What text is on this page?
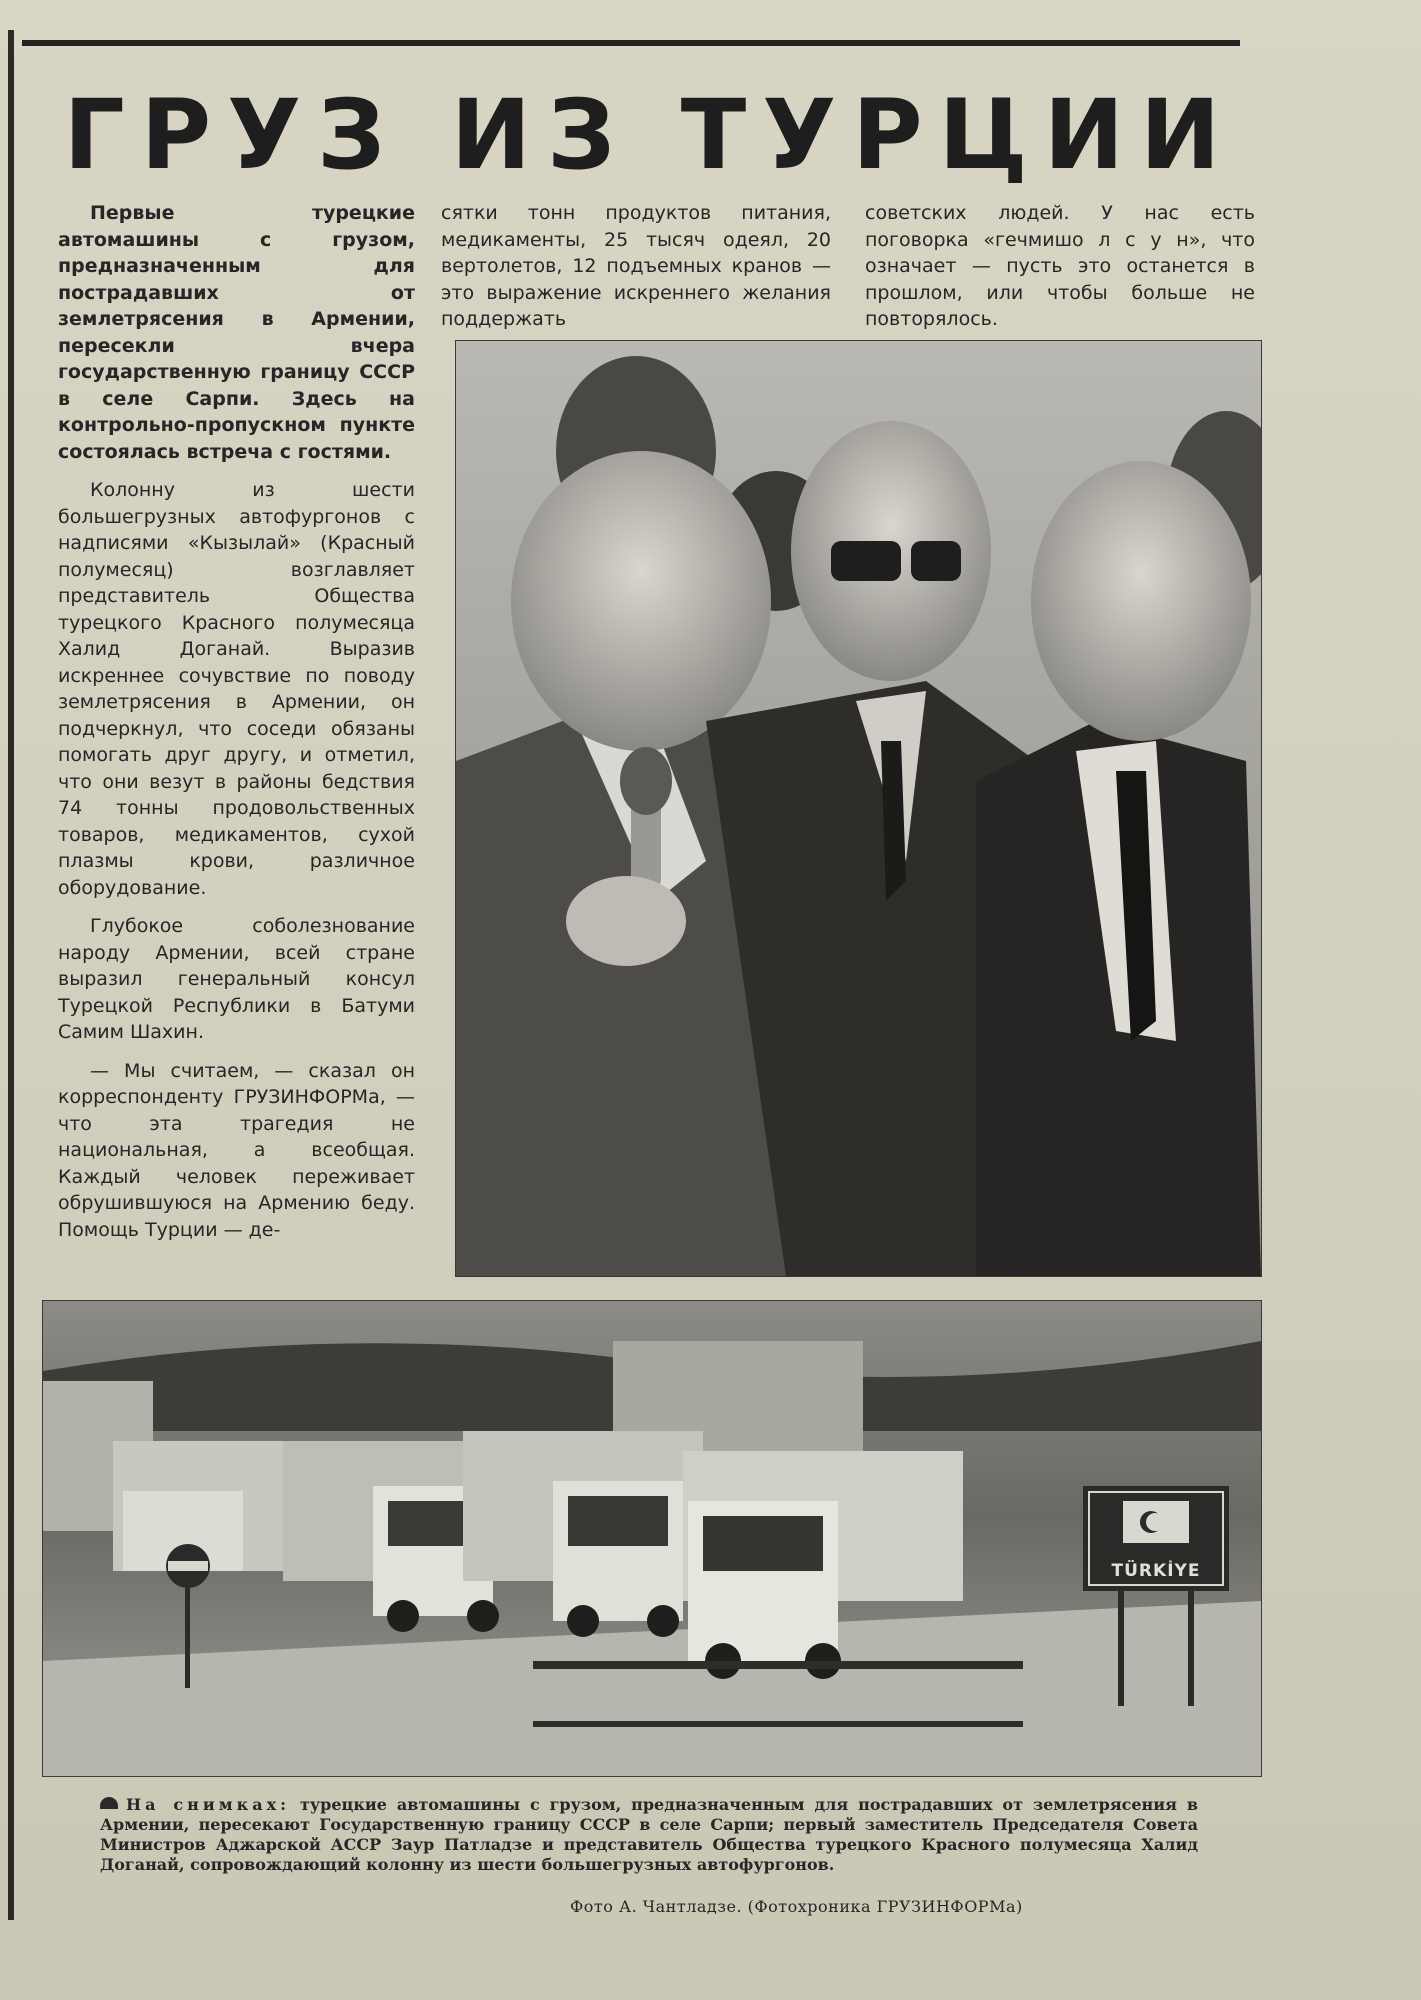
ГРУЗ ИЗ ТУРЦИИ

Первые турецкие автомашины с грузом, предназначенным для пострадавших от землетрясения в Армении, пересекли вчера государственную границу СССР в селе Сарпи. Здесь на контрольно-пропускном пункте состоялась встреча с гостями.

Колонну из шести большегрузных автофургонов с надписями «Кызылай» (Красный полумесяц) возглавляет представитель Общества турецкого Красного полумесяца Халид Доганай. Выразив искреннее сочувствие по поводу землетрясения в Армении, он подчеркнул, что соседи обязаны помогать друг другу, и отметил, что они везут в районы бедствия 74 тонны продовольственных товаров, медикаментов, сухой плазмы крови, различное оборудование.

Глубокое соболезнование народу Армении, всей стране выразил генеральный консул Турецкой Республики в Батуми Самим Шахин.

— Мы считаем, — сказал он корреспонденту ГРУЗИНФОРМа, — что эта трагедия не национальная, а всеобщая. Каждый человек переживает обрушившуюся на Армению беду. Помощь Турции — де-

сятки тонн продуктов питания, медикаменты, 25 тысяч одеял, 20 вертолетов, 12 подъемных кранов — это выражение искреннего желания поддержать

советских людей. У нас есть поговорка «гечмишо л с у н», что означает — пусть это останется в прошлом, или чтобы больше не повторялось.

TÜRKİYE

На снимках: турецкие автомашины с грузом, предназначенным для пострадавших от землетрясения в Армении, пересекают Государственную границу СССР в селе Сарпи; первый заместитель Председателя Совета Министров Аджарской АССР Заур Патладзе и представитель Общества турецкого Красного полумесяца Халид Доганай, сопровождающий колонну из шести большегрузных автофургонов.

Фото А. Чантладзе. (Фотохроника ГРУЗИНФОРМа)
